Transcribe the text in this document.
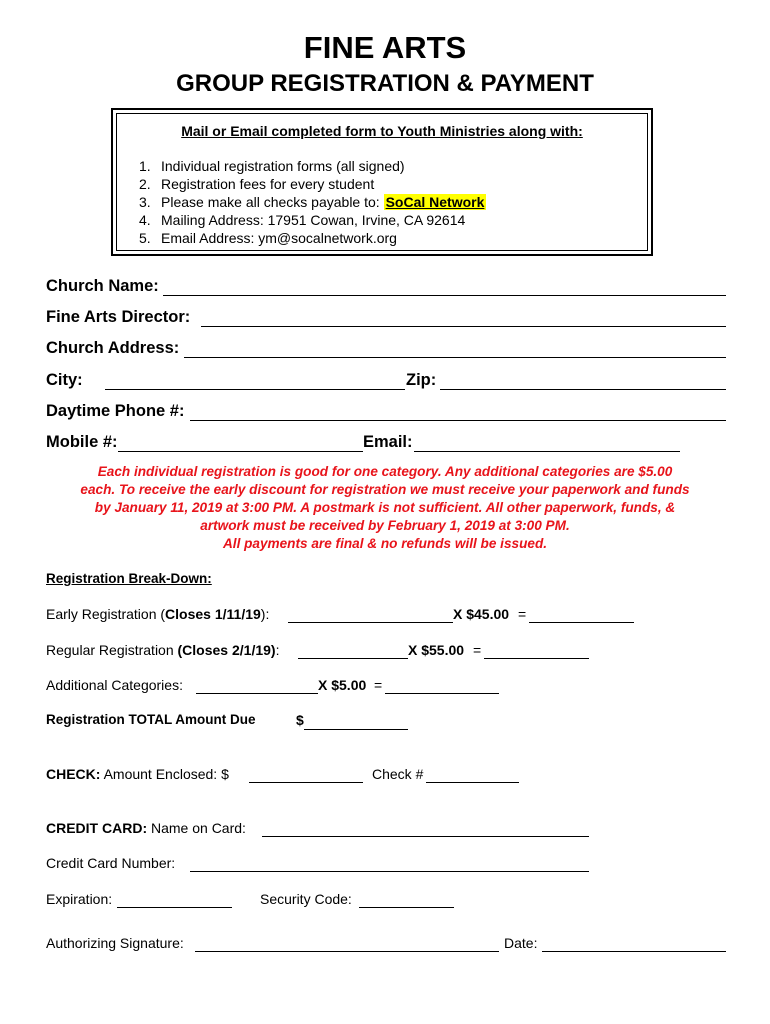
FINE ARTS
GROUP REGISTRATION & PAYMENT
Mail or Email completed form to Youth Ministries along with:
1. Individual registration forms (all signed)
2. Registration fees for every student
3. Please make all checks payable to: SoCal Network
4. Mailing Address: 17951 Cowan, Irvine, CA 92614
5. Email Address: ym@socalnetwork.org
Church Name:
Fine Arts Director:
Church Address:
City:	Zip:
Daytime Phone #:
Mobile #:	Email:
Each individual registration is good for one category. Any additional categories are $5.00
each. To receive the early discount for registration we must receive your paperwork and funds
by January 11, 2019 at 3:00 PM. A postmark is not sufficient. All other paperwork, funds, &
artwork must be received by February 1, 2019 at 3:00 PM.
All payments are final & no refunds will be issued.
Registration Break-Down:
Early Registration (Closes 1/11/19):	X $45.00 =
Regular Registration (Closes 2/1/19):	X $55.00 =
Additional Categories:	X $5.00 =
Registration TOTAL Amount Due	$
CHECK: Amount Enclosed: $	Check #
CREDIT CARD: Name on Card:
Credit Card Number:
Expiration:	Security Code:
Authorizing Signature:	Date:
